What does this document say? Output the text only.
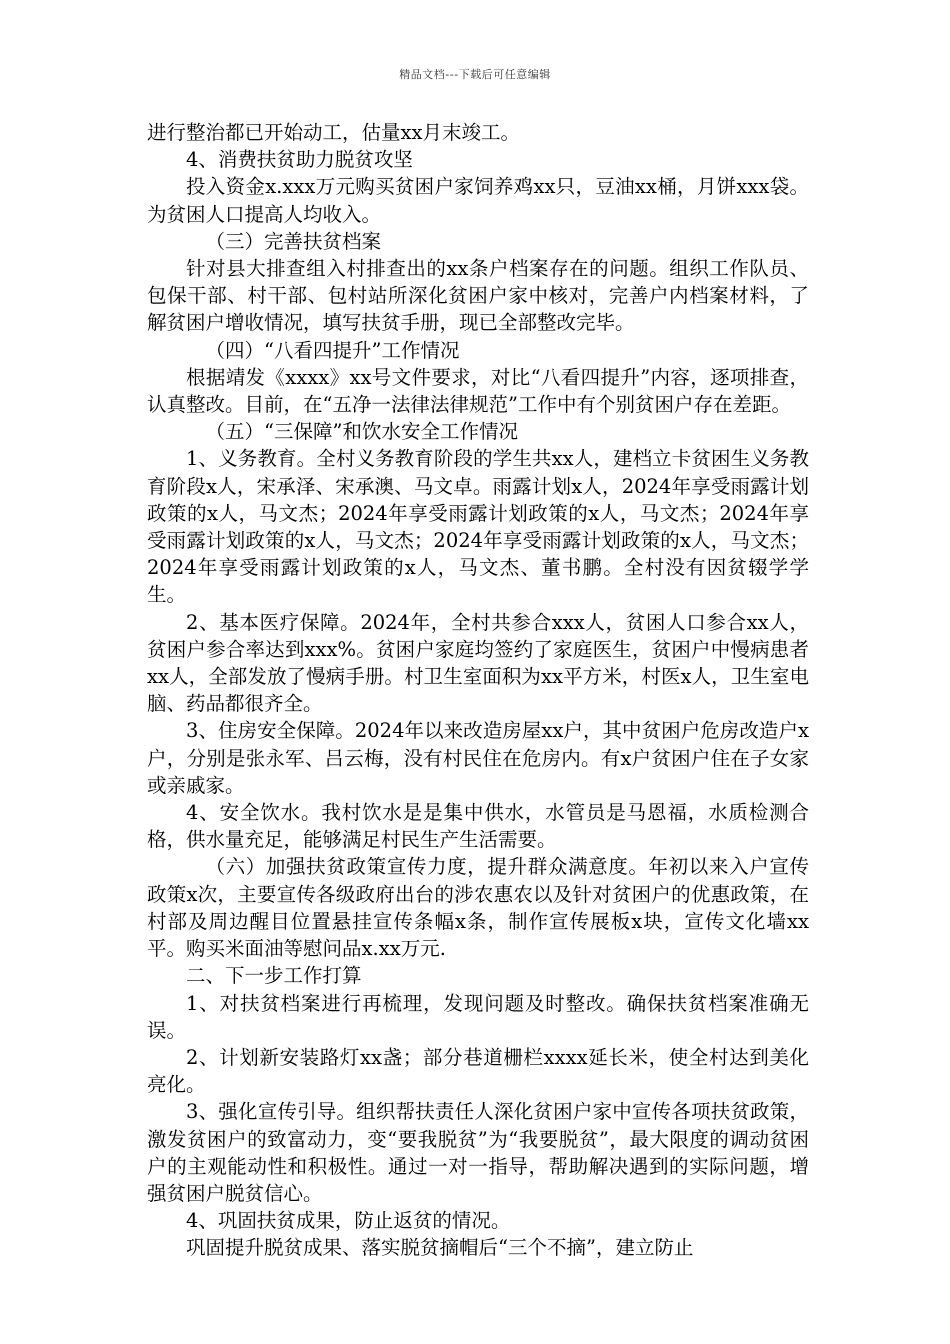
精品文档---下载后可任意编辑

进行整治都已开始动工，估量xx月末竣工。

4、消费扶贫助力脱贫攻坚

投入资金x.xxx万元购买贫困户家饲养鸡xx只，豆油xx桶，月饼xxx袋。为贫困人口提高人均收入。

（三）完善扶贫档案

针对县大排查组入村排查出的xx条户档案存在的问题。组织工作队员、包保干部、村干部、包村站所深化贫困户家中核对，完善户内档案材料，了解贫困户增收情况，填写扶贫手册，现已全部整改完毕。

（四）“八看四提升”工作情况

根据靖发《xxxx》xx号文件要求，对比“八看四提升”内容，逐项排查，认真整改。目前，在“五净一法律法律规范”工作中有个别贫困户存在差距。

（五）“三保障”和饮水安全工作情况

1、义务教育。全村义务教育阶段的学生共xx人，建档立卡贫困生义务教育阶段x人，宋承泽、宋承澳、马文卓。雨露计划x人，2024年享受雨露计划政策的x人，马文杰；2024年享受雨露计划政策的x人，马文杰；2024年享受雨露计划政策的x人，马文杰；2024年享受雨露计划政策的x人，马文杰；2024年享受雨露计划政策的x人，马文杰、董书鹏。全村没有因贫辍学学生。

2、基本医疗保障。2024年，全村共参合xxx人，贫困人口参合xx人，贫困户参合率达到xxx%。贫困户家庭均签约了家庭医生，贫困户中慢病患者xx人，全部发放了慢病手册。村卫生室面积为xx平方米，村医x人，卫生室电脑、药品都很齐全。

3、住房安全保障。2024年以来改造房屋xx户，其中贫困户危房改造户x户，分别是张永军、吕云梅，没有村民住在危房内。有x户贫困户住在子女家或亲戚家。

4、安全饮水。我村饮水是是集中供水，水管员是马恩福，水质检测合格，供水量充足，能够满足村民生产生活需要。

（六）加强扶贫政策宣传力度，提升群众满意度。年初以来入户宣传政策x次，主要宣传各级政府出台的涉农惠农以及针对贫困户的优惠政策，在村部及周边醒目位置悬挂宣传条幅x条，制作宣传展板x块，宣传文化墙xx平。购买米面油等慰问品x.xx万元.

二、下一步工作打算

1、对扶贫档案进行再梳理，发现问题及时整改。确保扶贫档案准确无误。

2、计划新安装路灯xx盏；部分巷道栅栏xxxx延长米，使全村达到美化亮化。

3、强化宣传引导。组织帮扶责任人深化贫困户家中宣传各项扶贫政策，激发贫困户的致富动力，变“要我脱贫”为“我要脱贫”，最大限度的调动贫困户的主观能动性和积极性。通过一对一指导，帮助解决遇到的实际问题，增强贫困户脱贫信心。

4、巩固扶贫成果，防止返贫的情况。

巩固提升脱贫成果、落实脱贫摘帽后“三个不摘”，建立防止
